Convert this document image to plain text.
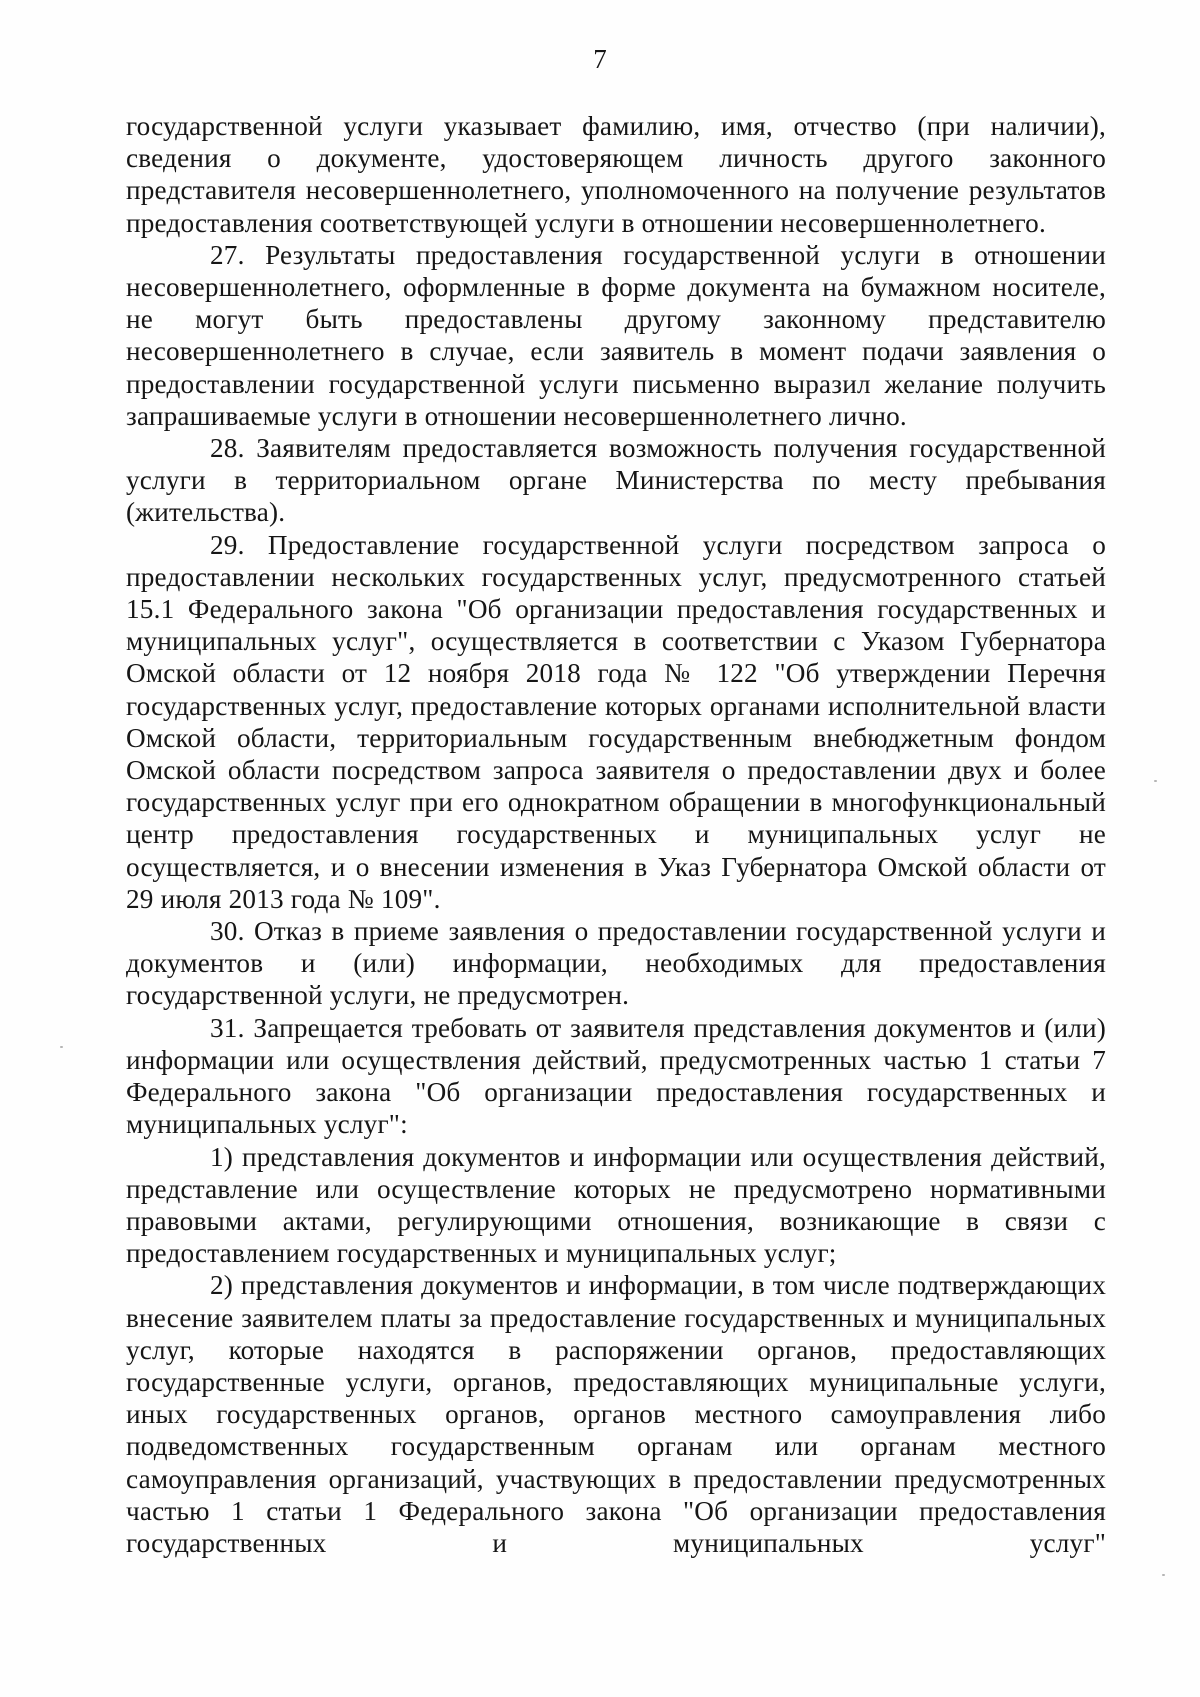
7

государственной услуги указывает фамилию, имя, отчество (при наличии), сведения о документе, удостоверяющем личность другого законного представителя несовершеннолетнего, уполномоченного на получение результатов предоставления соответствующей услуги в отношении несовершеннолетнего.

27. Результаты предоставления государственной услуги в отношении несовершеннолетнего, оформленные в форме документа на бумажном носителе, не могут быть предоставлены другому законному представителю несовершеннолетнего в случае, если заявитель в момент подачи заявления о предоставлении государственной услуги письменно выразил желание получить запрашиваемые услуги в отношении несовершеннолетнего лично.

28. Заявителям предоставляется возможность получения государственной услуги в территориальном органе Министерства по месту пребывания (жительства).

29. Предоставление государственной услуги посредством запроса о предоставлении нескольких государственных услуг, предусмотренного статьей 15.1 Федерального закона "Об организации предоставления государственных и муниципальных услуг", осуществляется в соответствии с Указом Губернатора Омской области от 12 ноября 2018 года № 122 "Об утверждении Перечня государственных услуг, предоставление которых органами исполнительной власти Омской области, территориальным государственным внебюджетным фондом Омской области посредством запроса заявителя о предоставлении двух и более государственных услуг при его однократном обращении в многофункциональный центр предоставления государственных и муниципальных услуг не осуществляется, и о внесении изменения в Указ Губернатора Омской области от 29 июля 2013 года № 109".

30. Отказ в приеме заявления о предоставлении государственной услуги и документов и (или) информации, необходимых для предоставления государственной услуги, не предусмотрен.

31. Запрещается требовать от заявителя представления документов и (или) информации или осуществления действий, предусмотренных частью 1 статьи 7 Федерального закона "Об организации предоставления государственных и муниципальных услуг":

1) представления документов и информации или осуществления действий, представление или осуществление которых не предусмотрено нормативными правовыми актами, регулирующими отношения, возникающие в связи с предоставлением государственных и муниципальных услуг;

2) представления документов и информации, в том числе подтверждающих внесение заявителем платы за предоставление государственных и муниципальных услуг, которые находятся в распоряжении органов, предоставляющих государственные услуги, органов, предоставляющих муниципальные услуги, иных государственных органов, органов местного самоуправления либо подведомственных государственным органам или органам местного самоуправления организаций, участвующих в предоставлении предусмотренных частью 1 статьи 1 Федерального закона "Об организации предоставления государственных и муниципальных услуг"
